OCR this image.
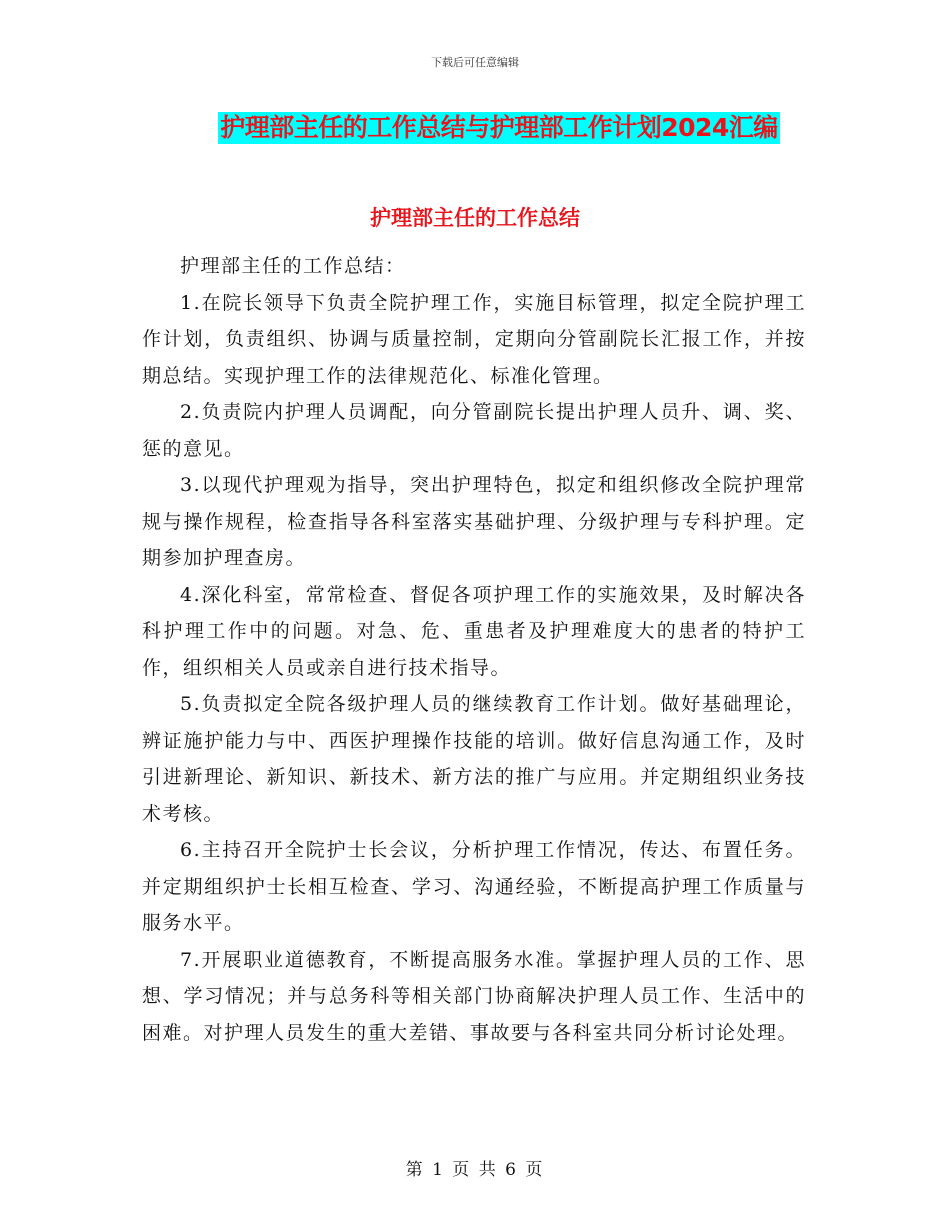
下载后可任意编辑
护理部主任的工作总结与护理部工作计划2024汇编
护理部主任的工作总结

护理部主任的工作总结：

1.在院长领导下负责全院护理工作，实施目标管理，拟定全院护理工作计划，负责组织、协调与质量控制，定期向分管副院长汇报工作，并按期总结。实现护理工作的法律规范化、标准化管理。

2.负责院内护理人员调配，向分管副院长提出护理人员升、调、奖、惩的意见。

3.以现代护理观为指导，突出护理特色，拟定和组织修改全院护理常规与操作规程，检查指导各科室落实基础护理、分级护理与专科护理。定期参加护理查房。

4.深化科室，常常检查、督促各项护理工作的实施效果，及时解决各科护理工作中的问题。对急、危、重患者及护理难度大的患者的特护工作，组织相关人员或亲自进行技术指导。

5.负责拟定全院各级护理人员的继续教育工作计划。做好基础理论，辨证施护能力与中、西医护理操作技能的培训。做好信息沟通工作，及时引进新理论、新知识、新技术、新方法的推广与应用。并定期组织业务技术考核。

6.主持召开全院护士长会议，分析护理工作情况，传达、布置任务。并定期组织护士长相互检查、学习、沟通经验，不断提高护理工作质量与服务水平。

7.开展职业道德教育，不断提高服务水准。掌握护理人员的工作、思想、学习情况；并与总务科等相关部门协商解决护理人员工作、生活中的困难。对护理人员发生的重大差错、事故要与各科室共同分析讨论处理。

第 1 页 共 6 页
